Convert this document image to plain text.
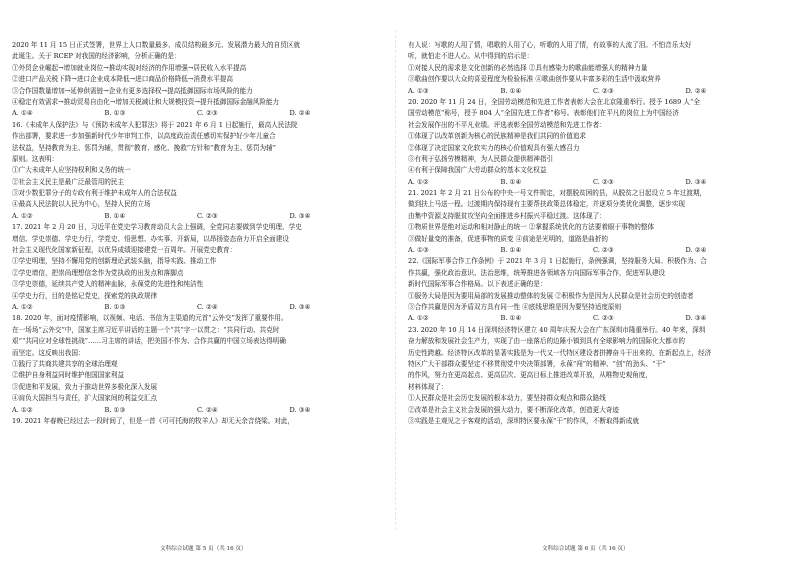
2020 年 11 月 15 日正式签署，世界上人口数量最多、成员结构最多元、发展潜力最大的自贸区就
此诞生。关于 RCEP 对我国的经济影响，分析正确的是：
①外贸企业崛起→增加就业岗位→推动实现对经济的作用增强→居民收入水平提高
②进口产品关税下降→进口企业成本降低→进口商品价格降低→消费水平提高
③合作国数量增加→延伸供需链→企业有更多选择权→提高抵御国际市场风险的能力
④稳定有效需求→推动贸易自由化→增加关税减让和大规模投资→提升抵御国际金融风险能力
A. ①④	B. ①③	C. ②③	D. ②④
16.《未成年人保护法》与《预防未成年人犯罪法》将于 2021 年 6 月 1 日起施行，最高人民法院
作出部署，要求进一步加强新时代少年审判工作，以高度政治责任感切实保护好少年儿童合
法权益，坚持教育为主、惩罚为辅，贯彻“教育、感化、挽救”方针和“教育为主、惩罚为辅”
原则。这表明：
①广大未成年人应坚持权利和义务的统一
②社会主义民主是最广泛最管用的民主
③对少数犯罪分子的专政有利于维护未成年人的合法权益
④最高人民法院以人民为中心，坚持人民的立场
A. ①②	B. ①④	C. ②③	D. ③④
17. 2021 年 2 月 20 日，习近平在党史学习教育动员大会上强调，全党同志要做到学史明理、学史
增信、学史崇德、学史力行，学党史、悟思想、办实事、开新局，以昂扬姿态奋力开启全面建设
社会主义现代化国家新征程，以优异成绩迎接建党一百周年。开展党史教育：
①学史明理，坚持不懈用党的创新理论武装头脑，指导实践、推动工作
②学史增信，把崇尚理想信念作为党执政的出发点和落脚点
③学史崇德，延续共产党人的精神血脉，永葆党的先进性和纯洁性
④学史力行，目的是铭记党史，探索党的执政规律
A. ①②	B. ①③	C. ②④	D. ③④
18. 2020 年，面对疫情影响，以视频、电话、书信为主渠道的元首“云外交”发挥了重要作用。
在一场场“云外交”中，国家主席习近平讲话的主题一个“共”字一以贯之：“共同行动、共克时
艰”“共同应对全球性挑战”……习主席的讲话，把美国不作为、合作共赢的中国立场表达得明确
而坚定。这反映出我国：
①践行了共商共建共享的全球治理观
②维护自身利益同时维护他国国家利益
③促进和平发展，致力于推动世界多极化深入发展
④肩负大国担当与责任，扩大国家间的利益交汇点
A. ①②	B. ①③	C. ②④	D. ③④
19. 2021 年春晚已经过去一段时间了，但是一首《可可托海的牧羊人》却无天余音绕梁。对此，
有人说：写歌的人用了情，唱歌的人用了心，听歌的人用了情，有故事的人流了泪。不怕音乐太好
听，就怕走不进人心。从中得到的启示是：
①对接人民的需求是文化创新的必然选择 ②具有感染力的歌曲能增强人的精神力量
③歌曲创作要以大众的喜爱程度为检验标准 ④歌曲创作要从丰富多彩的生活中汲取营养
A. ①③	B. ①④	C. ②③	D. ②④
20. 2020 年 11 月 24 日，全国劳动模范和先进工作者表彰大会在北京隆重举行。授予 1689 人“全
国劳动模范”称号，授予 804 人“全国先进工作者”称号。表彰他们在平凡的岗位上为中国经济
社会发展作出的不平凡业绩。评选表彰全国劳动模范和先进工作者：
①体现了以改革创新为核心的民族精神是我们共同的价值追求
②体现了决定国家文化软实力的核心价值观具有强大感召力
③有利于弘扬劳模精神，为人民群众提供精神指引
④有利于保障我国广大劳动群众的基本文化权益
A. ①②	B. ①④	C. ②③	D. ③④
21. 2021 年 2 月 21 日公布的中央一号文件规定，对摆脱贫困的县，从脱贫之日起设立 5 年过渡期，
做到扶上马送一程。过渡期内保持现有主要帮扶政策总体稳定，并逐项分类优化调整，逐步实现
由集中资源支持脱贫攻坚向全面推进乡村振兴平稳过渡。这体现了：
①物质世界是绝对运动和相对静止的统一 ②掌握系统优化的方法要着眼于事物的整体
③做好量变的准备，促进事物的质变 ④前途是光明的，道路是曲折的
A. ①③	B. ①④	C. ②③	D. ②④
22.《国际军事合作工作条例》于 2021 年 3 月 1 日起施行，条例强调，坚持服务大局、积极作为、合
作共赢，强化政治意识、法治思维，统筹推进各领域各方向国际军事合作，促进军队建设
新时代国际军事合作格局。以下表述正确的是：
①服务大局是因为要用局部的发展推动整体的发展 ②积极作为是因为人民群众是社会历史的创造者
③合作共赢是因为矛盾双方具有同一性 ④底线思维是因为要坚持适度原则
A. ①②	B. ①④	C. ②③	D. ③④
23. 2020 年 10 月 14 日深圳经济特区建立 40 周年庆祝大会在广东深圳市隆重举行。40 年来，深圳
奋力解放和发展社会生产力，实现了由一座落后的边陲小镇到具有全球影响力的国际化大都市的
历史性跨越。经济特区改革的显著实践是为一代又一代特区建设者拼搏奋斗干出来的，在新起点上，经济
特区广大干部群众要坚定不移贯彻党中央决策部署，永葆“闯”的精神、“创”的劲头、“干”
的作风，努力在更高起点、更高层次、更高目标上推进改革开放，从唯物史观角度，
材料体现了：
①人民群众是社会历史发展的根本动力，要坚持群众观点和群众路线
②改革是社会主义社会发展的强大动力，要不断深化改革，创造更大奇迹
③实践是主观见之于客观的活动，深圳特区要永葆“干”的作风，不断取得新成就
文科综合试题 第 5 页（共 16 页）	文科综合试题 第 6 页（共 16 页）
